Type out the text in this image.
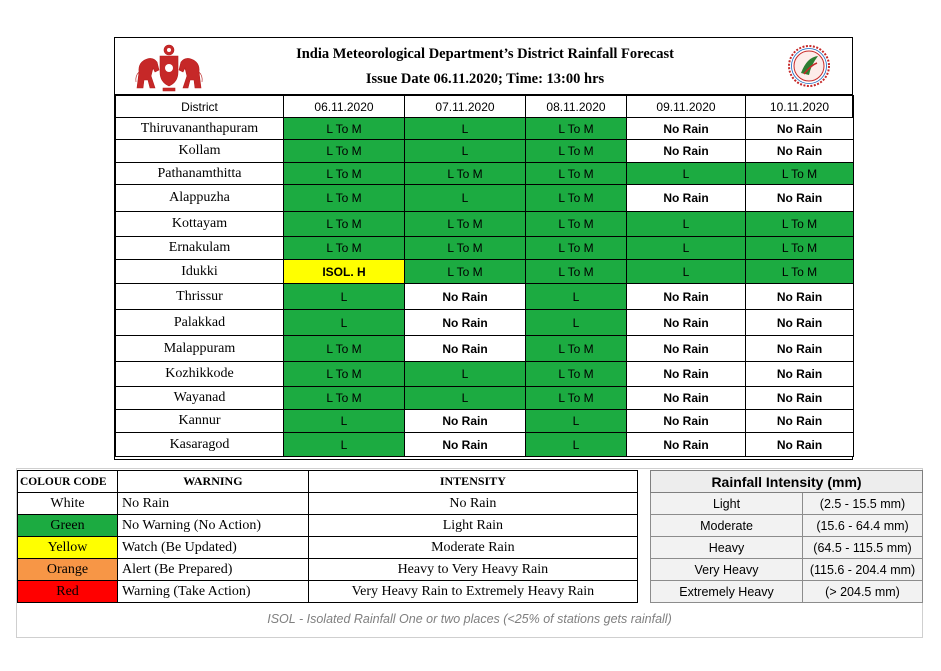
India Meteorological Department’s District Rainfall Forecast
Issue Date 06.11.2020; Time: 13:00 hrs
District	06.11.2020	07.11.2020	08.11.2020	09.11.2020	10.11.2020
Thiruvananthapuram	L To M	L	L To M	No Rain	No Rain
Kollam	L To M	L	L To M	No Rain	No Rain
Pathanamthitta	L To M	L To M	L To M	L	L To M
Alappuzha	L To M	L	L To M	No Rain	No Rain
Kottayam	L To M	L To M	L To M	L	L To M
Ernakulam	L To M	L To M	L To M	L	L To M
Idukki	ISOL. H	L To M	L To M	L	L To M
Thrissur	L	No Rain	L	No Rain	No Rain
Palakkad	L	No Rain	L	No Rain	No Rain
Malappuram	L To M	No Rain	L To M	No Rain	No Rain
Kozhikkode	L To M	L	L To M	No Rain	No Rain
Wayanad	L To M	L	L To M	No Rain	No Rain
Kannur	L	No Rain	L	No Rain	No Rain
Kasaragod	L	No Rain	L	No Rain	No Rain
COLOUR CODE	WARNING	INTENSITY
White	No Rain	No Rain
Green	No Warning (No Action)	Light Rain
Yellow	Watch (Be Updated)	Moderate Rain
Orange	Alert (Be Prepared)	Heavy to Very Heavy Rain
Red	Warning (Take Action)	Very Heavy Rain to Extremely Heavy Rain
Rainfall Intensity (mm)	
Light	(2.5 - 15.5 mm)
Moderate	(15.6 - 64.4 mm)
Heavy	(64.5 - 115.5 mm)
Very Heavy	(115.6 - 204.4 mm)
Extremely Heavy	(> 204.5 mm)
ISOL - Isolated Rainfall One or two places (<25% of stations gets rainfall)
